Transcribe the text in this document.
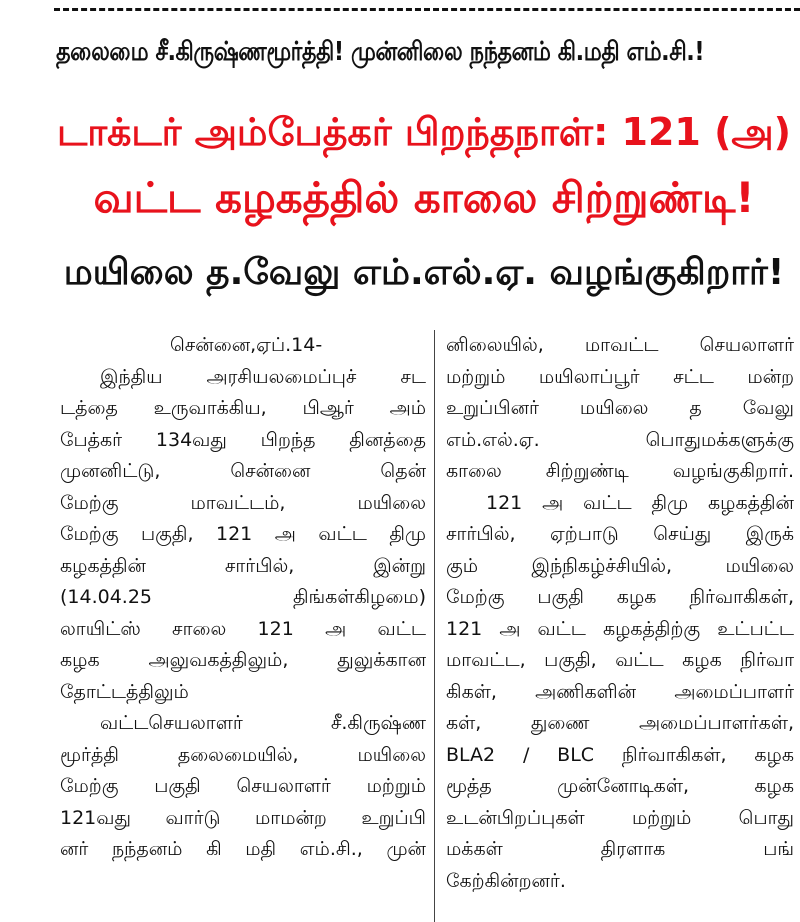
தலைமை சீ.கிருஷ்ணமூர்த்தி! முன்னிலை நந்தனம் கி.மதி எம்.சி.!
டாக்டர் அம்பேத்கர் பிறந்தநாள்: 121 (அ)
வட்ட கழகத்தில் காலை சிற்றுண்டி!
மயிலை த.வேலு எம்.எல்.ஏ. வழங்குகிறார்!
சென்னை,ஏப்.14-
இந்திய அரசியலமைப்புச் சட
டத்தை உருவாக்கிய, பிஆர் அம்
பேத்கர் 134வது பிறந்த தினத்தை
முனனிட்டு, சென்னை தென்
மேற்கு மாவட்டம், மயிலை
மேற்கு பகுதி, 121 அ வட்ட திமு
கழகத்தின் சார்பில், இன்று
(14.04.25 திங்கள்கிழமை)
லாயிட்ஸ் சாலை 121 அ வட்ட
கழக அலுவகத்திலும், துலுக்கான
தோட்டத்திலும்
வட்டசெயலாளர் சீ.கிருஷ்ண
மூர்த்தி தலைமையில், மயிலை
மேற்கு பகுதி செயலாளர் மற்றும்
121வது வார்டு மாமன்ற உறுப்பி
னர் நந்தனம் கி மதி எம்.சி., முன்
னிலையில், மாவட்ட செயலாளர்
மற்றும் மயிலாப்பூர் சட்ட மன்ற
உறுப்பினர் மயிலை த வேலு
எம்.எல்.ஏ. பொதுமக்களுக்கு
காலை சிற்றுண்டி வழங்குகிறார்.
121 அ வட்ட திமு கழகத்தின்
சார்பில், ஏற்பாடு செய்து இருக்
கும் இந்நிகழ்ச்சியில், மயிலை
மேற்கு பகுதி கழக நிர்வாகிகள்,
121 அ வட்ட கழகத்திற்கு உட்பட்ட
மாவட்ட, பகுதி, வட்ட கழக நிர்வா
கிகள், அணிகளின் அமைப்பாளர்
கள், துணை அமைப்பாளர்கள்,
BLA2 / BLC நிர்வாகிகள், கழக
மூத்த முன்னோடிகள், கழக
உடன்பிறப்புகள் மற்றும் பொது
மக்கள் திரளாக பங்
கேற்கின்றனர்.
